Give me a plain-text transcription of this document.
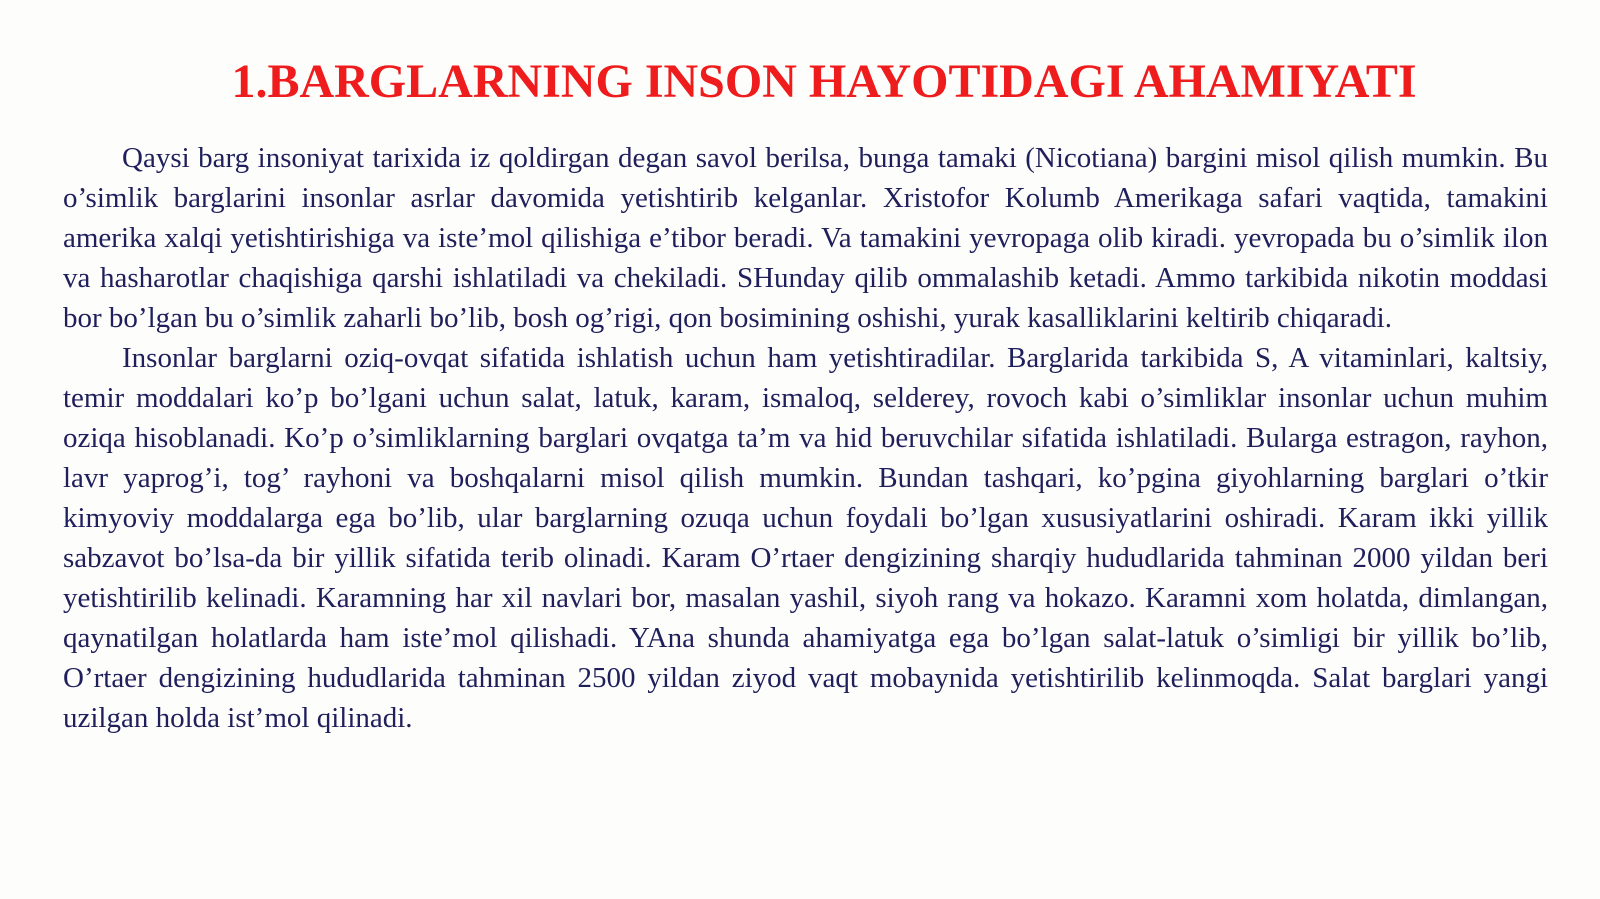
1.BARGLARNING INSON HAYOTIDAGI AHAMIYATI

Qaysi barg insoniyat tarixida iz qoldirgan degan savol berilsa, bunga tamaki (Nicotiana) bargini misol qilish mumkin. Bu o’simlik barglarini insonlar asrlar davomida yetishtirib kelganlar. Xristofor Kolumb Amerikaga safari vaqtida, tamakini amerika xalqi yetishtirishiga va iste’mol qilishiga e’tibor beradi. Va tamakini yevropaga olib kiradi. yevropada bu o’simlik ilon va hasharotlar chaqishiga qarshi ishlatiladi va chekiladi. SHunday qilib ommalashib ketadi. Ammo tarkibida nikotin moddasi bor bo’lgan bu o’simlik zaharli bo’lib, bosh og’rigi, qon bosimining oshishi, yurak kasalliklarini keltirib chiqaradi.

Insonlar barglarni oziq-ovqat sifatida ishlatish uchun ham yetishtiradilar. Barglarida tarkibida S, A vitaminlari, kaltsiy, temir moddalari ko’p bo’lgani uchun salat, latuk, karam, ismaloq, selderey, rovoch kabi o’simliklar insonlar uchun muhim oziqa hisoblanadi. Ko’p o’simliklarning barglari ovqatga ta’m va hid beruvchilar sifatida ishlatiladi. Bularga estragon, rayhon, lavr yaprog’i, tog’ rayhoni va boshqalarni misol qilish mumkin. Bundan tashqari, ko’pgina giyohlarning barglari o’tkir kimyoviy moddalarga ega bo’lib, ular barglarning ozuqa uchun foydali bo’lgan xususiyatlarini oshiradi. Karam ikki yillik sabzavot bo’lsa-da bir yillik sifatida terib olinadi. Karam O’rtaer dengizining sharqiy hududlarida tahminan 2000 yildan beri yetishtirilib kelinadi. Karamning har xil navlari bor, masalan yashil, siyoh rang va hokazo. Karamni xom holatda, dimlangan, qaynatilgan holatlarda ham iste’mol qilishadi. YAna shunda ahamiyatga ega bo’lgan salat-latuk o’simligi bir yillik bo’lib, O’rtaer dengizining hududlarida tahminan 2500 yildan ziyod vaqt mobaynida yetishtirilib kelinmoqda. Salat barglari yangi uzilgan holda ist’mol qilinadi.
